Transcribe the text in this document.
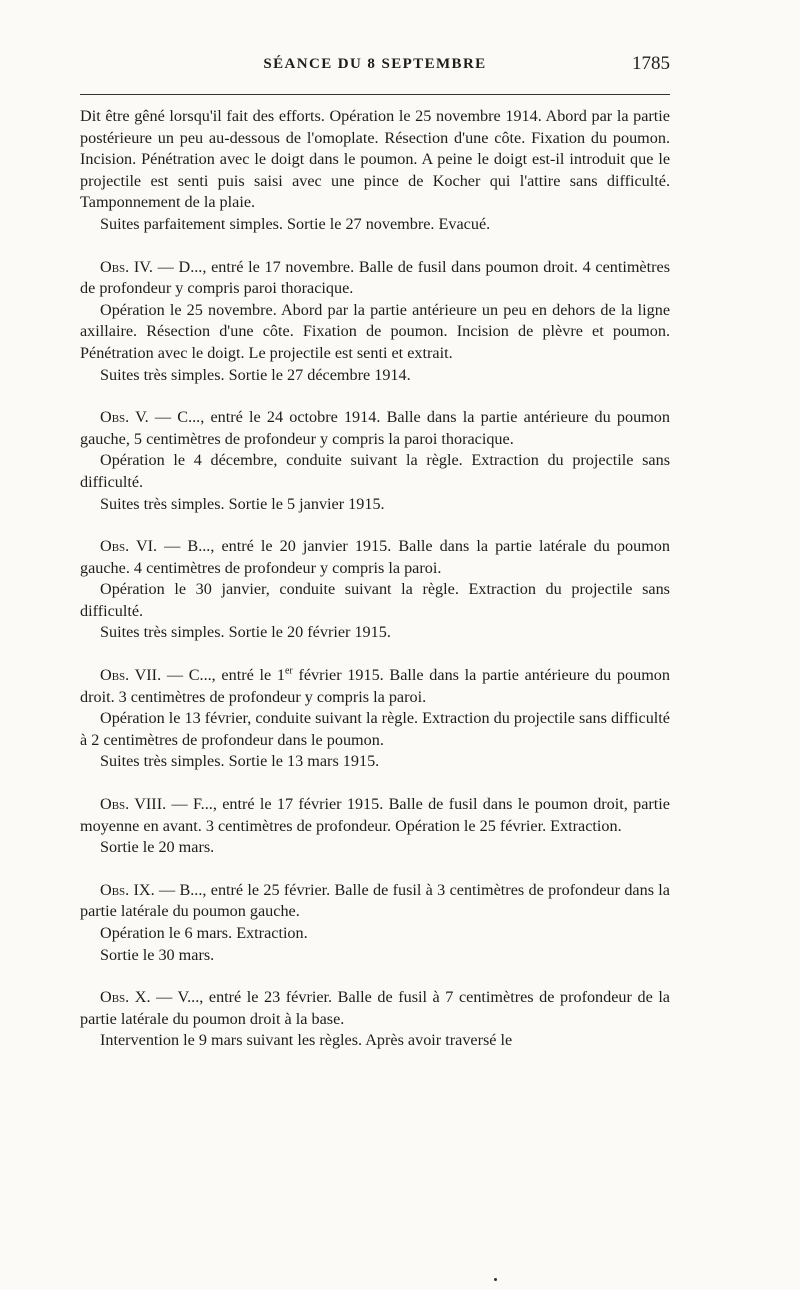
SÉANCE DU 8 SEPTEMBRE	1785

Dit être gêné lorsqu'il fait des efforts. Opération le 25 novembre 1914. Abord par la partie postérieure un peu au-dessous de l'omoplate. Résection d'une côte. Fixation du poumon. Incision. Pénétration avec le doigt dans le poumon. A peine le doigt est-il introduit que le projectile est senti puis saisi avec une pince de Kocher qui l'attire sans difficulté. Tamponnement de la plaie.

Suites parfaitement simples. Sortie le 27 novembre. Evacué.

Obs. IV. — D..., entré le 17 novembre. Balle de fusil dans poumon droit. 4 centimètres de profondeur y compris paroi thoracique.

Opération le 25 novembre. Abord par la partie antérieure un peu en dehors de la ligne axillaire. Résection d'une côte. Fixation de poumon. Incision de plèvre et poumon. Pénétration avec le doigt. Le projectile est senti et extrait.

Suites très simples. Sortie le 27 décembre 1914.

Obs. V. — C..., entré le 24 octobre 1914. Balle dans la partie antérieure du poumon gauche, 5 centimètres de profondeur y compris la paroi thoracique.

Opération le 4 décembre, conduite suivant la règle. Extraction du projectile sans difficulté.

Suites très simples. Sortie le 5 janvier 1915.

Obs. VI. — B..., entré le 20 janvier 1915. Balle dans la partie latérale du poumon gauche. 4 centimètres de profondeur y compris la paroi.

Opération le 30 janvier, conduite suivant la règle. Extraction du projectile sans difficulté.

Suites très simples. Sortie le 20 février 1915.

Obs. VII. — C..., entré le 1er février 1915. Balle dans la partie antérieure du poumon droit. 3 centimètres de profondeur y compris la paroi.

Opération le 13 février, conduite suivant la règle. Extraction du projectile sans difficulté à 2 centimètres de profondeur dans le poumon.

Suites très simples. Sortie le 13 mars 1915.

Obs. VIII. — F..., entré le 17 février 1915. Balle de fusil dans le poumon droit, partie moyenne en avant. 3 centimètres de profondeur. Opération le 25 février. Extraction.

Sortie le 20 mars.

Obs. IX. — B..., entré le 25 février. Balle de fusil à 3 centimètres de profondeur dans la partie latérale du poumon gauche.

Opération le 6 mars. Extraction.

Sortie le 30 mars.

Obs. X. — V..., entré le 23 février. Balle de fusil à 7 centimètres de profondeur de la partie latérale du poumon droit à la base.

Intervention le 9 mars suivant les règles. Après avoir traversé le
